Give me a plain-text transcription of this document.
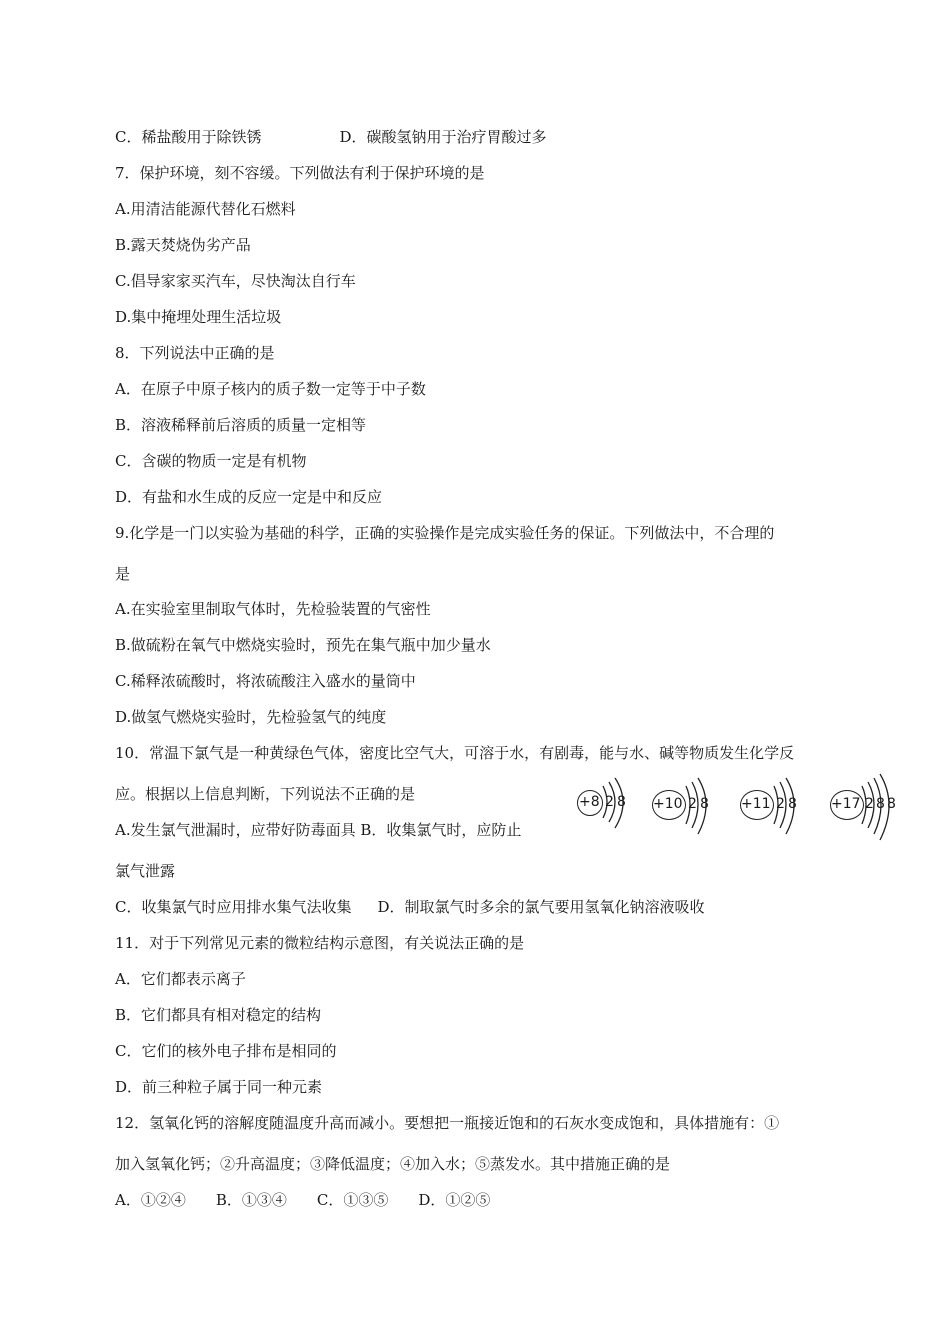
C．稀盐酸用于除铁锈	D．碳酸氢钠用于治疗胃酸过多
7．保护环境，刻不容缓。下列做法有利于保护环境的是
A.用清洁能源代替化石燃料
B.露天焚烧伪劣产品
C.倡导家家买汽车，尽快淘汰自行车
D.集中掩埋处理生活垃圾
8．下列说法中正确的是
A．在原子中原子核内的质子数一定等于中子数
B．溶液稀释前后溶质的质量一定相等
C．含碳的物质一定是有机物
D．有盐和水生成的反应一定是中和反应
9.化学是一门以实验为基础的科学，正确的实验操作是完成实验任务的保证。下列做法中，不合理的
是
A.在实验室里制取气体时，先检验装置的气密性
B.做硫粉在氧气中燃烧实验时，预先在集气瓶中加少量水
C.稀释浓硫酸时，将浓硫酸注入盛水的量筒中
D.做氢气燃烧实验时，先检验氢气的纯度
10．常温下氯气是一种黄绿色气体，密度比空气大，可溶于水，有剧毒，能与水、碱等物质发生化学反
应。根据以上信息判断，下列说法不正确的是
A.发生氯气泄漏时，应带好防毒面具 B．收集氯气时，应防止
氯气泄露
C．收集氯气时应用排水集气法收集 D．制取氯气时多余的氯气要用氢氧化钠溶液吸收
11．对于下列常见元素的微粒结构示意图，有关说法正确的是
A．它们都表示离子
B．它们都具有相对稳定的结构
C．它们的核外电子排布是相同的
D．前三种粒子属于同一种元素
12．氢氧化钙的溶解度随温度升高而减小。要想把一瓶接近饱和的石灰水变成饱和，具体措施有：①
加入氢氧化钙；②升高温度；③降低温度；④加入水；⑤蒸发水。其中措施正确的是
A．①②④ B．①③④ C．①③⑤ D．①②⑤
+8 2 8 +10 2 8 +11 2 8 +17 2 8 8
